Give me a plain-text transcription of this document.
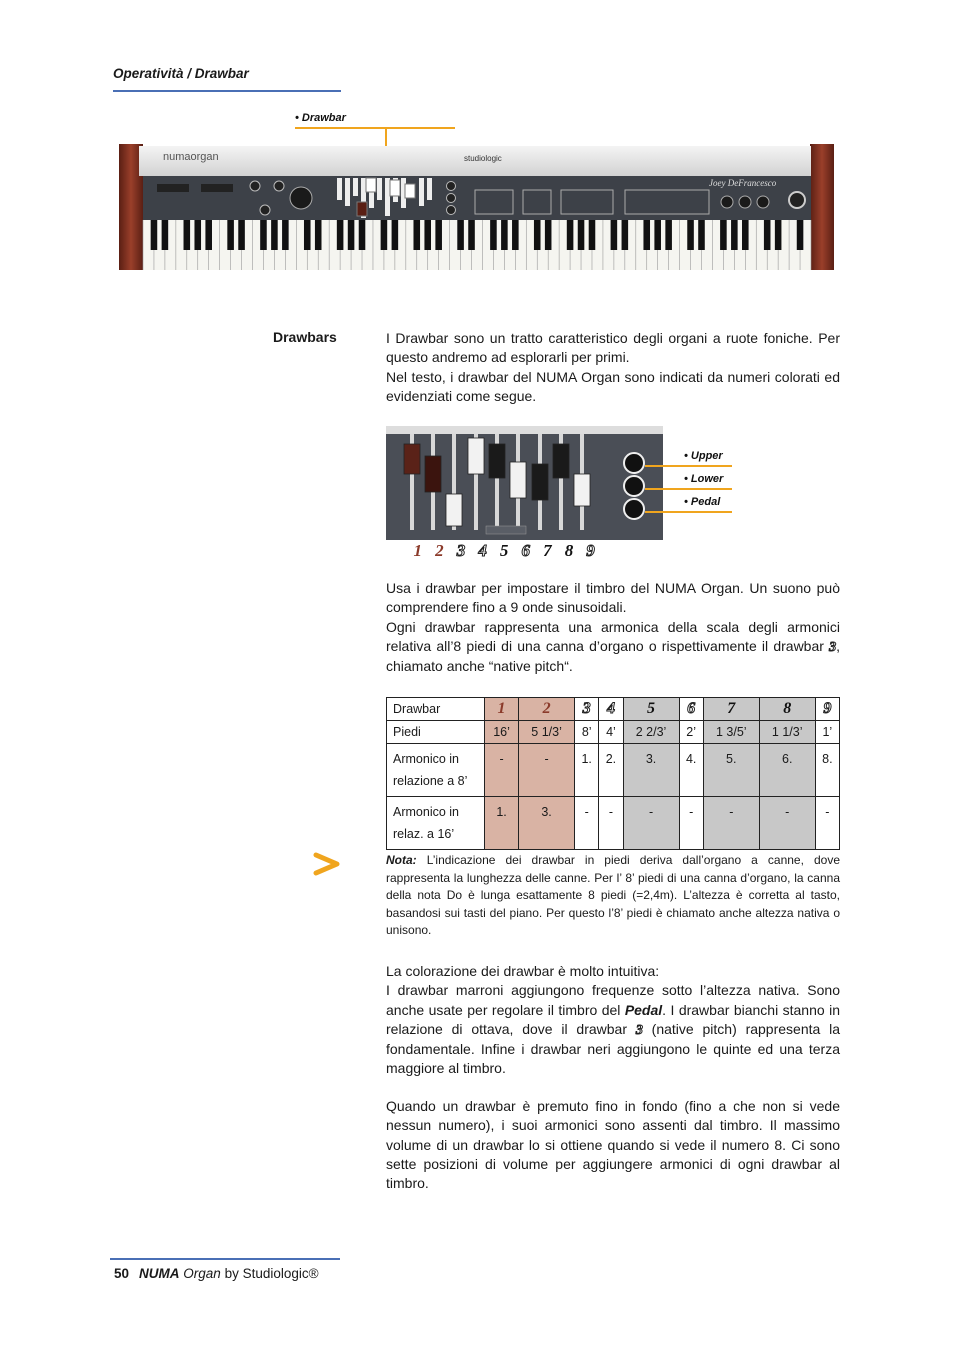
Operatività / Drawbar
• Drawbar
numaorgan	studiologic
Joey DeFrancesco
Drawbars	I Drawbar sono un tratto caratteristico degli organi a ruote foniche. Per questo andremo ad esplorarli per primi.

Nel testo, i drawbar del NUMA Organ sono indicati da numeri colorati ed evidenziati come segue.

• Upper
• Lower
• Pedal
1 2 3 4 5 6 7 8 9

Usa i drawbar per impostare il timbro del NUMA Organ. Un suono può comprendere fino a 9 onde sinusoidali.

Ogni drawbar rappresenta una armonica della scala degli armonici relativa all’8 piedi di una canna d’organo o rispettivamente il drawbar 3, chiamato anche “native pitch“.

Drawbar	1	2	3	4	5	6	7	8	9
Piedi	16’	5 1/3’	8’	4’	2 2/3’	2’	1 3/5’	1 1/3’	1’
Armonico in relazione a 8’	-	-	1.	2.	3.	4.	5.	6.	8.
Armonico in relaz. a 16’	1.	3.	-	-	-	-	-	-	-
Nota: L’indicazione dei drawbar in piedi deriva dall’organo a canne, dove rappresenta la lunghezza delle canne. Per l’ 8’ piedi di una canna d’organo, la canna della nota Do è lunga esattamente 8 piedi (=2,4m). L’altezza è corretta al tasto, basandosi sui tasti del piano. Per questo l’8’ piedi è chiamato anche altezza nativa o unisono.

La colorazione dei drawbar è molto intuitiva:

I drawbar marroni aggiungono frequenze sotto l’altezza nativa. Sono anche usate per regolare il timbro del Pedal. I drawbar bianchi stanno in relazione di ottava, dove il drawbar 3 (native pitch) rappresenta la fondamentale. Infine i drawbar neri aggiungono le quinte ed una terza maggiore al timbro.

Quando un drawbar è premuto fino in fondo (fino a che non si vede nessun numero), i suoi armonici sono assenti dal timbro. Il massimo volume di un drawbar lo si ottiene quando si vede il numero 8. Ci sono sette posizioni di volume per aggiungere armonici di ogni drawbar al timbro.

50 NUMA Organ by Studiologic®
